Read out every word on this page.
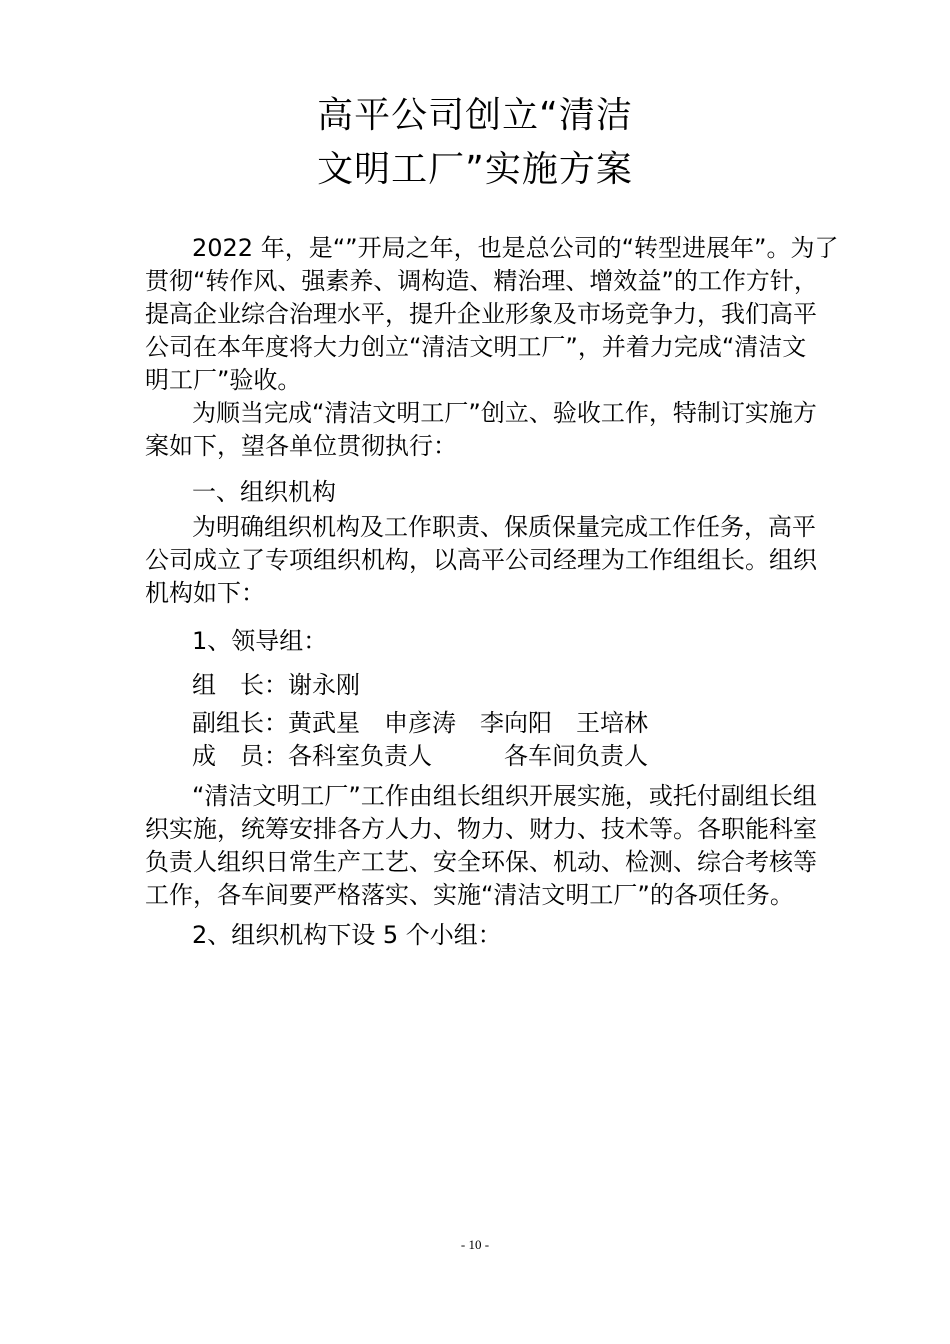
高平公司创立“清洁
文明工厂”实施方案
2022 年，是“”开局之年，也是总公司的“转型进展年”。为了
贯彻“转作风、强素养、调构造、精治理、增效益”的工作方针，
提高企业综合治理水平，提升企业形象及市场竞争力，我们高平
公司在本年度将大力创立“清洁文明工厂”，并着力完成“清洁文
明工厂”验收。
为顺当完成“清洁文明工厂”创立、验收工作，特制订实施方
案如下，望各单位贯彻执行：
一、组织机构
为明确组织机构及工作职责、保质保量完成工作任务，高平
公司成立了专项组织机构，以高平公司经理为工作组组长。组织
机构如下：
1、领导组：
组 长：谢永刚
副组长：黄武星 申彦涛 李向阳 王培林
成 员：各科室负责人	各车间负责人
“清洁文明工厂”工作由组长组织开展实施，或托付副组长组
织实施，统筹安排各方人力、物力、财力、技术等。各职能科室
负责人组织日常生产工艺、安全环保、机动、检测、综合考核等
工作，各车间要严格落实、实施“清洁文明工厂”的各项任务。
2、组织机构下设 5 个小组：
- 10 -
